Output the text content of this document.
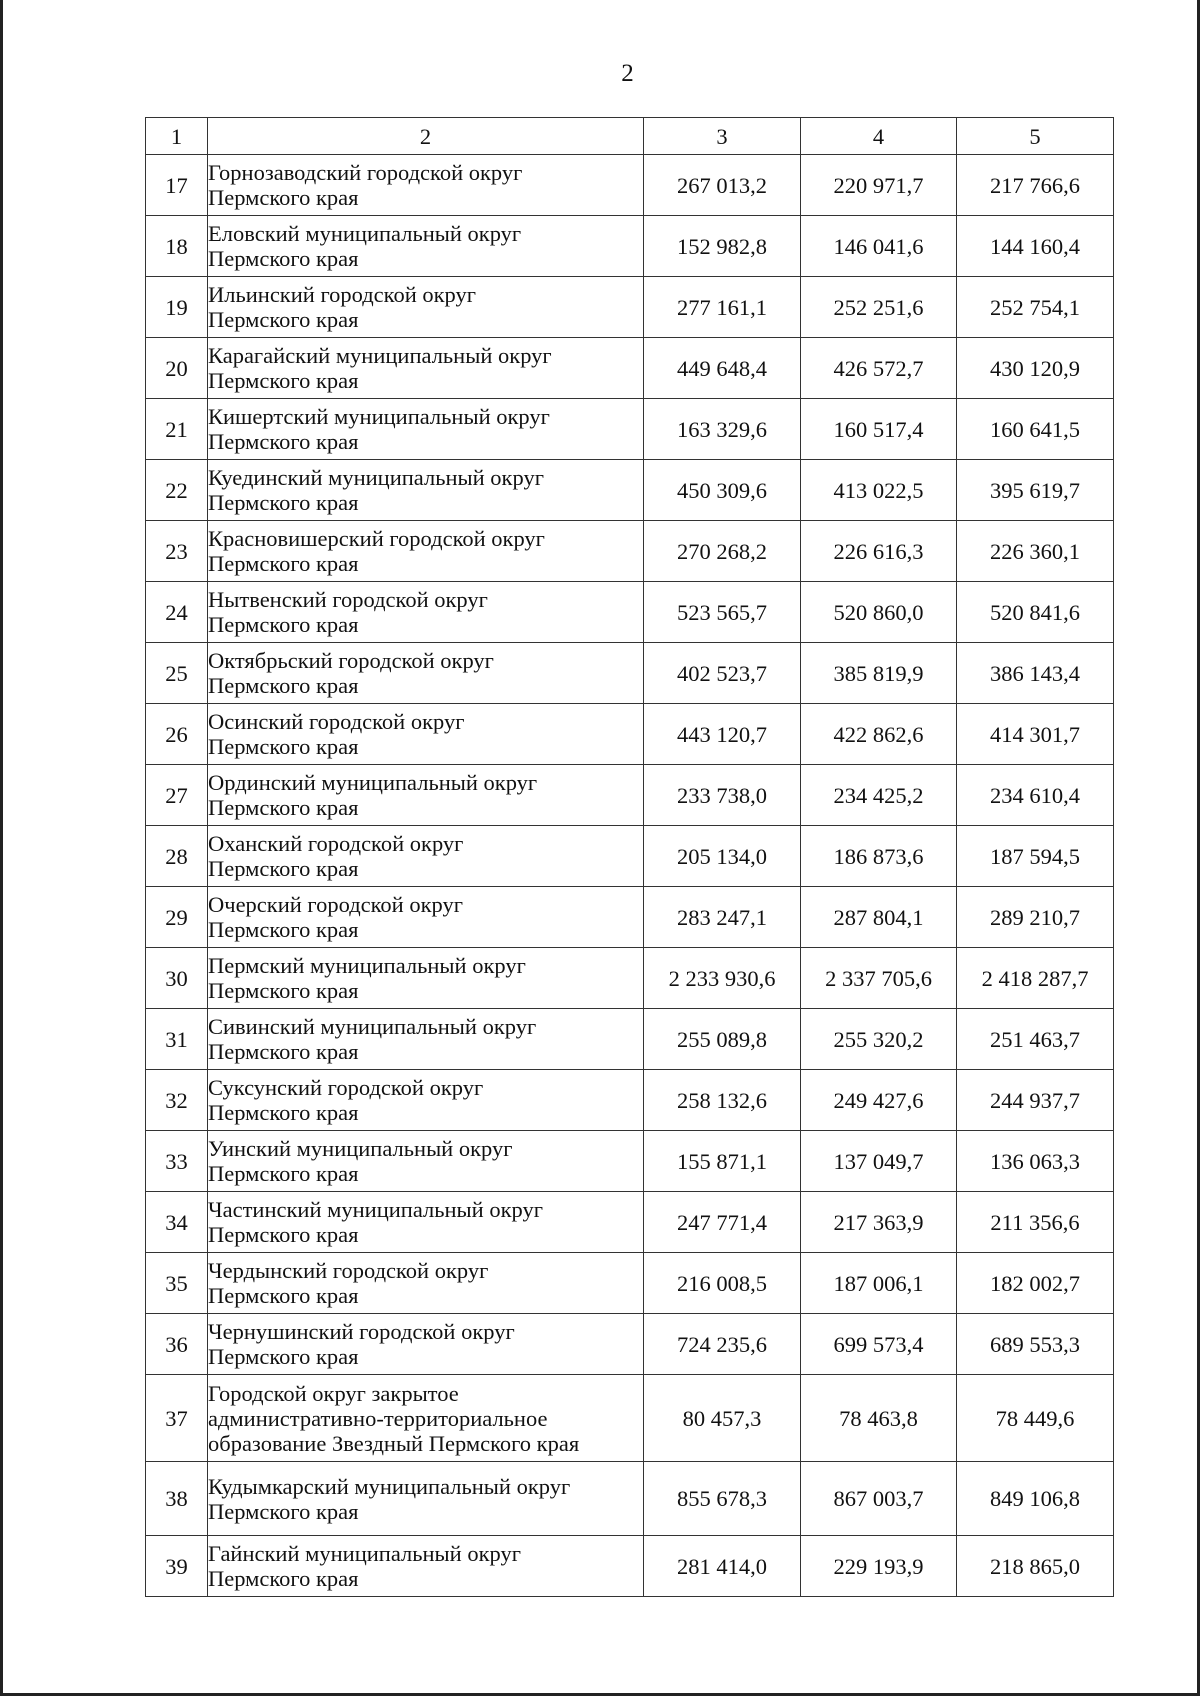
2
1	2	3	4	5
17	Горнозаводский городской округ
Пермского края	267 013,2	220 971,7	217 766,6
18	Еловский муниципальный округ
Пермского края	152 982,8	146 041,6	144 160,4
19	Ильинский городской округ
Пермского края	277 161,1	252 251,6	252 754,1
20	Карагайский муниципальный округ
Пермского края	449 648,4	426 572,7	430 120,9
21	Кишертский муниципальный округ
Пермского края	163 329,6	160 517,4	160 641,5
22	Куединский муниципальный округ
Пермского края	450 309,6	413 022,5	395 619,7
23	Красновишерский городской округ
Пермского края	270 268,2	226 616,3	226 360,1
24	Нытвенский городской округ
Пермского края	523 565,7	520 860,0	520 841,6
25	Октябрьский городской округ
Пермского края	402 523,7	385 819,9	386 143,4
26	Осинский городской округ
Пермского края	443 120,7	422 862,6	414 301,7
27	Ординский муниципальный округ
Пермского края	233 738,0	234 425,2	234 610,4
28	Оханский городской округ
Пермского края	205 134,0	186 873,6	187 594,5
29	Очерский городской округ
Пермского края	283 247,1	287 804,1	289 210,7
30	Пермский муниципальный округ
Пермского края	2 233 930,6	2 337 705,6	2 418 287,7
31	Сивинский муниципальный округ
Пермского края	255 089,8	255 320,2	251 463,7
32	Суксунский городской округ
Пермского края	258 132,6	249 427,6	244 937,7
33	Уинский муниципальный округ
Пермского края	155 871,1	137 049,7	136 063,3
34	Частинский муниципальный округ
Пермского края	247 771,4	217 363,9	211 356,6
35	Чердынский городской округ
Пермского края	216 008,5	187 006,1	182 002,7
36	Чернушинский городской округ
Пермского края	724 235,6	699 573,4	689 553,3
37	Городской округ закрытое
административно-территориальное
образование Звездный Пермского края	80 457,3	78 463,8	78 449,6
38	Кудымкарский муниципальный округ
Пермского края	855 678,3	867 003,7	849 106,8
39	Гайнский муниципальный округ
Пермского края	281 414,0	229 193,9	218 865,0
